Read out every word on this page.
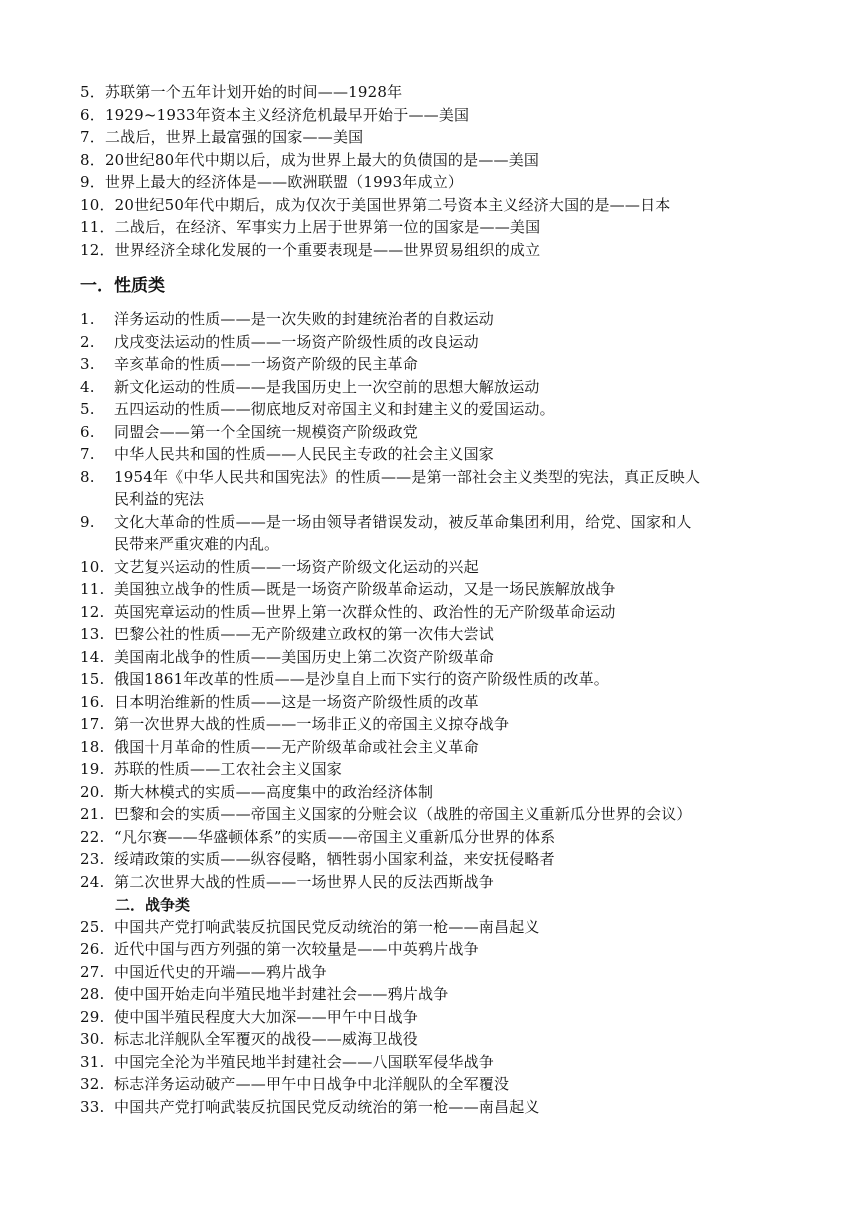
5．苏联第一个五年计划开始的时间——1928年
6．1929~1933年资本主义经济危机最早开始于——美国
7．二战后，世界上最富强的国家——美国
8．20世纪80年代中期以后，成为世界上最大的负债国的是——美国
9．世界上最大的经济体是——欧洲联盟（1993年成立）
10．20世纪50年代中期后，成为仅次于美国世界第二号资本主义经济大国的是——日本
11．二战后，在经济、军事实力上居于世界第一位的国家是——美国
12．世界经济全球化发展的一个重要表现是——世界贸易组织的成立
一．性质类
1. 洋务运动的性质——是一次失败的封建统治者的自救运动
2. 戊戌变法运动的性质——一场资产阶级性质的改良运动
3. 辛亥革命的性质——一场资产阶级的民主革命
4. 新文化运动的性质——是我国历史上一次空前的思想大解放运动
5. 五四运动的性质——彻底地反对帝国主义和封建主义的爱国运动。
6. 同盟会——第一个全国统一规模资产阶级政党
7. 中华人民共和国的性质——人民民主专政的社会主义国家
8. 1954年《中华人民共和国宪法》的性质——是第一部社会主义类型的宪法，真正反映人
民利益的宪法
9. 文化大革命的性质——是一场由领导者错误发动，被反革命集团利用，给党、国家和人
民带来严重灾难的内乱。
10. 文艺复兴运动的性质——一场资产阶级文化运动的兴起
11. 美国独立战争的性质—既是一场资产阶级革命运动，又是一场民族解放战争
12. 英国宪章运动的性质—世界上第一次群众性的、政治性的无产阶级革命运动
13. 巴黎公社的性质——无产阶级建立政权的第一次伟大尝试
14. 美国南北战争的性质——美国历史上第二次资产阶级革命
15. 俄国1861年改革的性质——是沙皇自上而下实行的资产阶级性质的改革。
16. 日本明治维新的性质——这是一场资产阶级性质的改革
17. 第一次世界大战的性质——一场非正义的帝国主义掠夺战争
18. 俄国十月革命的性质——无产阶级革命或社会主义革命
19. 苏联的性质——工农社会主义国家
20. 斯大林模式的实质——高度集中的政治经济体制
21. 巴黎和会的实质——帝国主义国家的分赃会议（战胜的帝国主义重新瓜分世界的会议）
22. “凡尔赛——华盛顿体系”的实质——帝国主义重新瓜分世界的体系
23. 绥靖政策的实质——纵容侵略，牺牲弱小国家利益，来安抚侵略者
24. 第二次世界大战的性质——一场世界人民的反法西斯战争
二．战争类
25. 中国共产党打响武装反抗国民党反动统治的第一枪——南昌起义
26. 近代中国与西方列强的第一次较量是——中英鸦片战争
27. 中国近代史的开端——鸦片战争
28. 使中国开始走向半殖民地半封建社会——鸦片战争
29. 使中国半殖民程度大大加深——甲午中日战争
30. 标志北洋舰队全军覆灭的战役——威海卫战役
31. 中国完全沦为半殖民地半封建社会——八国联军侵华战争
32. 标志洋务运动破产——甲午中日战争中北洋舰队的全军覆没
33. 中国共产党打响武装反抗国民党反动统治的第一枪——南昌起义
